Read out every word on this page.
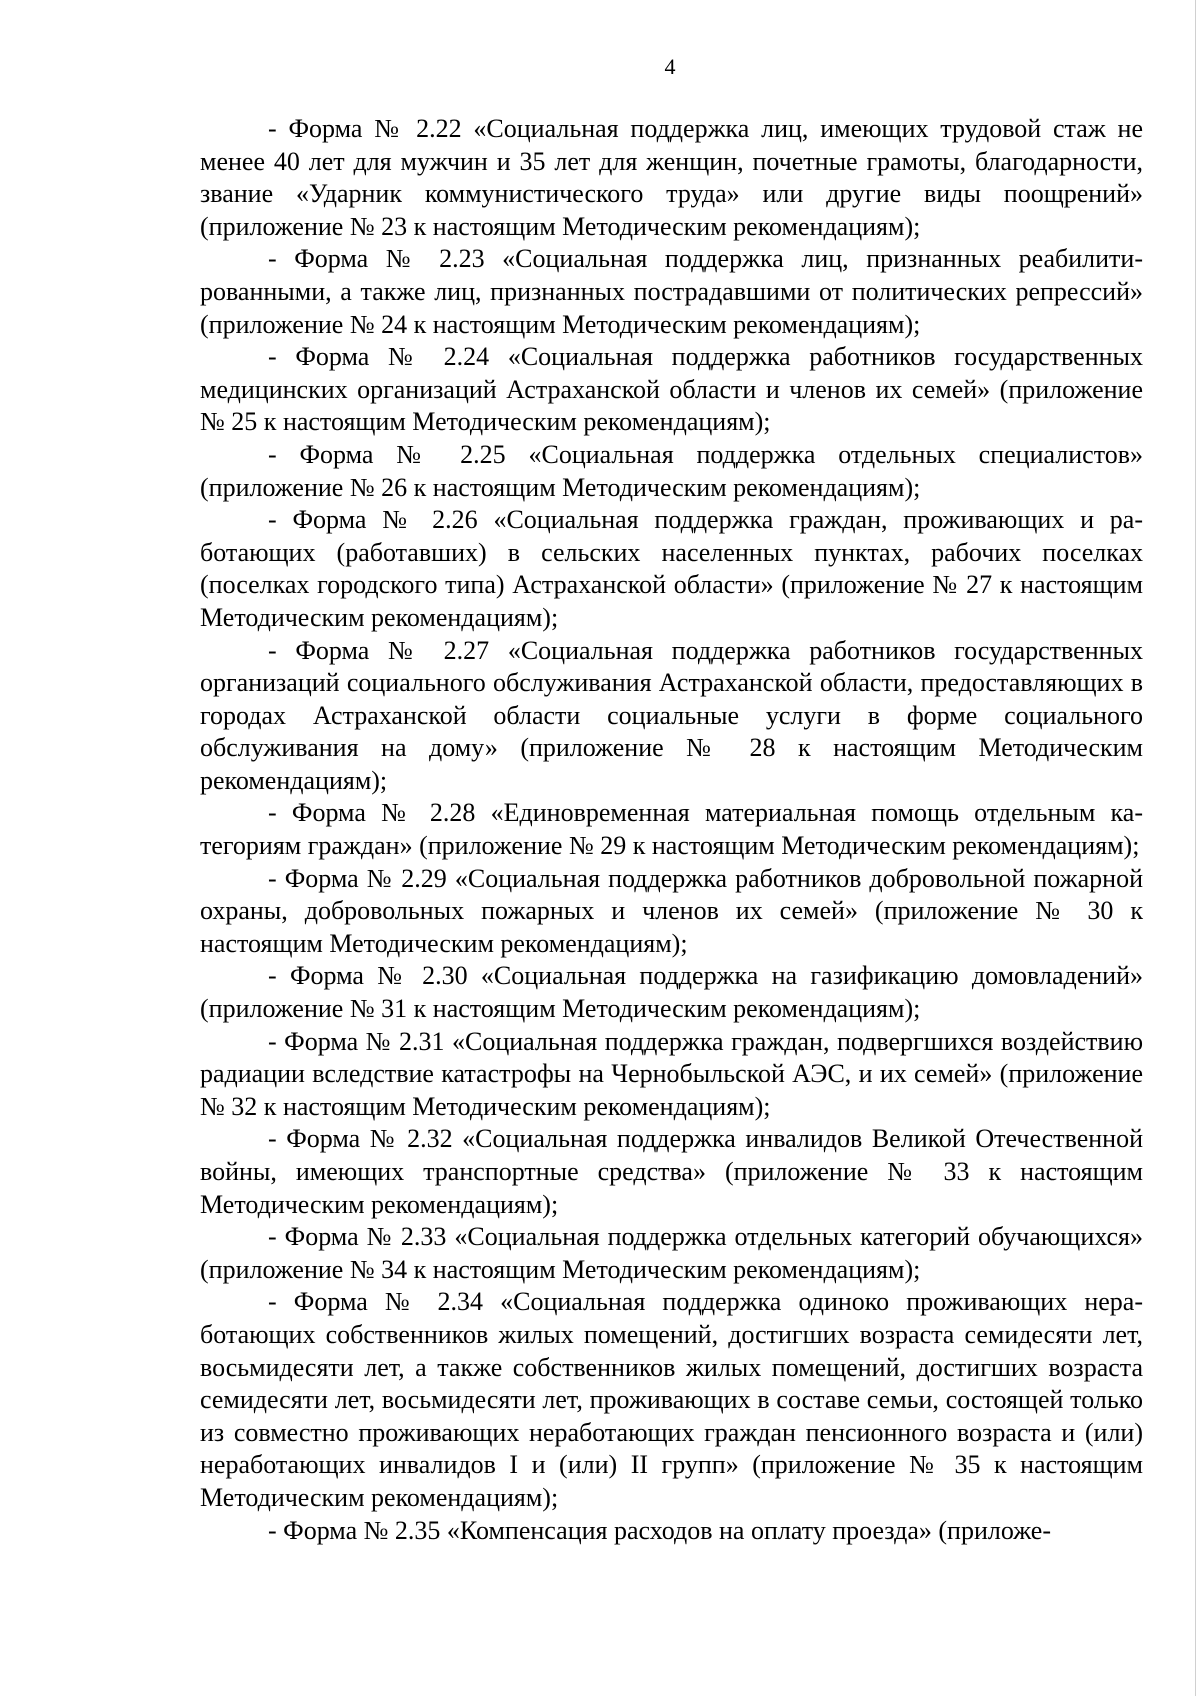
4

- Форма № 2.22 «Социальная поддержка лиц, имеющих трудовой стаж не менее 40 лет для мужчин и 35 лет для женщин, почетные грамоты, благодарности, звание «Ударник коммунистического труда» или другие виды поощрений» (приложение № 23 к настоящим Методическим рекомендациям);

- Форма № 2.23 «Социальная поддержка лиц, признанных реабилитированными, а также лиц, признанных пострадавшими от политических репрессий» (приложение № 24 к настоящим Методическим рекомендациям);

- Форма № 2.24 «Социальная поддержка работников государственных медицинских организаций Астраханской области и членов их семей» (приложение № 25 к настоящим Методическим рекомендациям);

- Форма № 2.25 «Социальная поддержка отдельных специалистов» (приложение № 26 к настоящим Методическим рекомендациям);

- Форма № 2.26 «Социальная поддержка граждан, проживающих и работающих (работавших) в сельских населенных пунктах, рабочих поселках (поселках городского типа) Астраханской области» (приложение № 27 к настоящим Методическим рекомендациям);

- Форма № 2.27 «Социальная поддержка работников государственных организаций социального обслуживания Астраханской области, предоставляющих в городах Астраханской области социальные услуги в форме социального обслуживания на дому» (приложение № 28 к настоящим Методическим рекомендациям);

- Форма № 2.28 «Единовременная материальная помощь отдельным категориям граждан» (приложение № 29 к настоящим Методическим рекомендациям);

- Форма № 2.29 «Социальная поддержка работников добровольной пожарной охраны, добровольных пожарных и членов их семей» (приложение № 30 к настоящим Методическим рекомендациям);

- Форма № 2.30 «Социальная поддержка на газификацию домовладений» (приложение № 31 к настоящим Методическим рекомендациям);

- Форма № 2.31 «Социальная поддержка граждан, подвергшихся воздействию радиации вследствие катастрофы на Чернобыльской АЭС, и их семей» (приложение № 32 к настоящим Методическим рекомендациям);

- Форма № 2.32 «Социальная поддержка инвалидов Великой Отечественной войны, имеющих транспортные средства» (приложение № 33 к настоящим Методическим рекомендациям);

- Форма № 2.33 «Социальная поддержка отдельных категорий обучающихся» (приложение № 34 к настоящим Методическим рекомендациям);

- Форма № 2.34 «Социальная поддержка одиноко проживающих неработающих собственников жилых помещений, достигших возраста семидесяти лет, восьмидесяти лет, а также собственников жилых помещений, достигших возраста семидесяти лет, восьмидесяти лет, проживающих в составе семьи, состоящей только из совместно проживающих неработающих граждан пенсионного возраста и (или) неработающих инвалидов I и (или) II групп» (приложение № 35 к настоящим Методическим рекомендациям);

- Форма № 2.35 «Компенсация расходов на оплату проезда» (приложе-
